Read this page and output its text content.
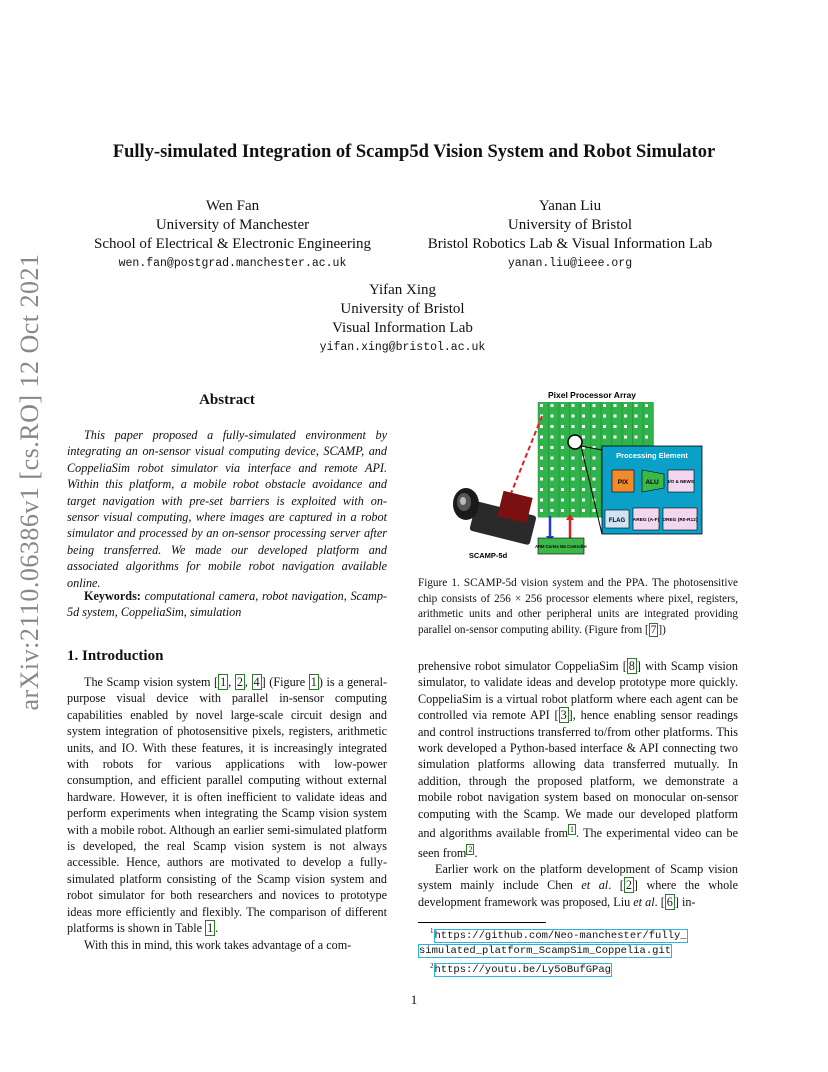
arXiv:2110.06386v1 [cs.RO] 12 Oct 2021
Fully-simulated Integration of Scamp5d Vision System and Robot Simulator
Wen Fan
University of Manchester
School of Electrical & Electronic Engineering
wen.fan@postgrad.manchester.ac.uk
Yanan Liu
University of Bristol
Bristol Robotics Lab & Visual Information Lab
yanan.liu@ieee.org
Yifan Xing
University of Bristol
Visual Information Lab
yifan.xing@bristol.ac.uk
Abstract
This paper proposed a fully-simulated environment by integrating an on-sensor visual computing device, SCAMP, and CoppeliaSim robot simulator via interface and remote API. Within this platform, a mobile robot obstacle avoidance and target navigation with pre-set barriers is exploited with on-sensor visual computing, where images are captured in a robot simulator and processed by an on-sensor processing server after being transferred. We made our developed platform and associated algorithms for mobile robot navigation available online.
Keywords: computational camera, robot navigation, Scamp-5d system, CoppeliaSim, simulation
1. Introduction

The Scamp vision system [ 1 , 2 , 4 ] (Figure 1 ) is a general-purpose visual device with parallel in-sensor computing capabilities enabled by novel large-scale circuit design and system integration of photosensitive pixels, registers, arithmetic units, and IO. With these features, it is increasingly integrated with robots for various applications with low-power consumption, and efficient parallel computing without external hardware. However, it is often inefficient to validate ideas and perform experiments when integrating the Scamp vision system with a mobile robot. Although an earlier semi-simulated platform is developed, the real Scamp vision system is not always accessible. Hence, authors are motivated to develop a fully-simulated platform consisting of the Scamp vision system and robot simulator for both researchers and novices to prototype ideas more efficiently and flexibly. The comparison of different platforms is shown in Table 1 .

With this in mind, this work takes advantage of a com-

prehensive robot simulator CoppeliaSim [ 8 ] with Scamp vision simulator, to validate ideas and develop prototype more quickly. CoppeliaSim is a virtual robot platform where each agent can be controlled via remote API [ 3 ], hence enabling sensor readings and control instructions transferred to/from other platforms. This work developed a Python-based interface & API connecting two simulation platforms allowing data transferred mutually. In addition, through the proposed platform, we demonstrate a mobile robot navigation system based on monocular on-sensor computing with the Scamp. We made our developed platform and algorithms available from $^1$ . The experimental video can be seen from $^2$ .

Earlier work on the platform development of Scamp vision system mainly include Chen et al. [ 2 ] where the whole development framework was proposed, Liu et al. [ 6 ] in-

Pixel Processor Array
Processing Element
PIX	ALU I/O & NEWS
FLAG AREG (A-F) DREG (R0-R12)
ARM Cortex M4 Controller
SCAMP-5d
Figure 1. SCAMP-5d vision system and the PPA. The photosensitive chip consists of 256 × 256 processor elements where pixel, registers, arithmetic units and other peripheral units are integrated providing parallel on-sensor computing ability. (Figure from [ 7 ])
$^1$https://github.com/Neo-manchester/fully_
simulated_platform_ScampSim_Coppelia.git
$^2$https://youtu.be/Ly5oBufGPag
1
